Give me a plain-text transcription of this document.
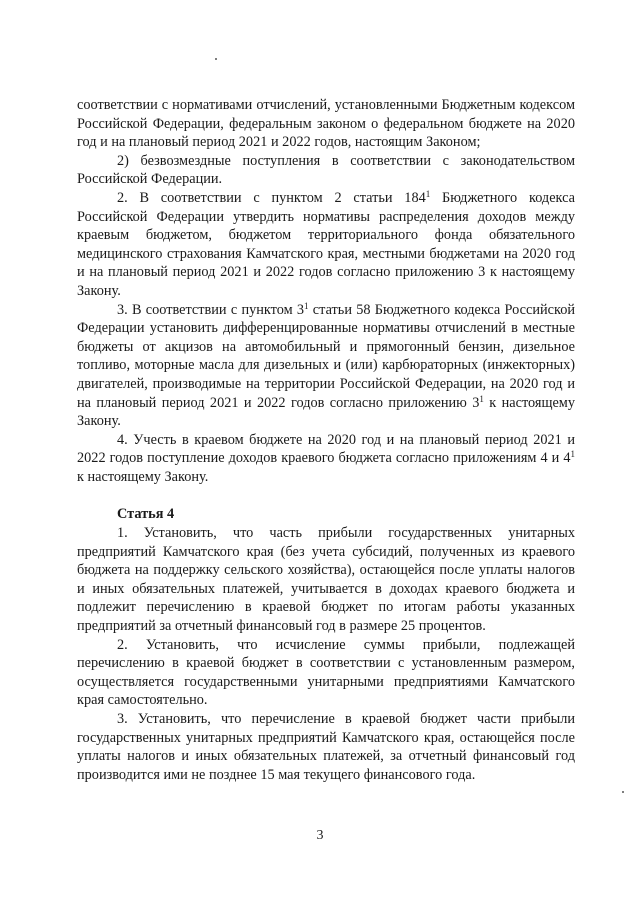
соответствии с нормативами отчислений, установленными Бюджетным кодексом Российской Федерации, федеральным законом о федеральном бюджете на 2020 год и на плановый период 2021 и 2022 годов, настоящим Законом;

2) безвозмездные поступления в соответствии с законодательством Российской Федерации.

2. В соответствии с пунктом 2 статьи $184^1$ Бюджетного кодекса Российской Федерации утвердить нормативы распределения доходов между краевым бюджетом, бюджетом территориального фонда обязательного медицинского страхования Камчатского края, местными бюджетами на 2020 год и на плановый период 2021 и 2022 годов согласно приложению 3 к настоящему Закону.

3. В соответствии с пунктом $3^1$ статьи 58 Бюджетного кодекса Российской Федерации установить дифференцированные нормативы отчислений в местные бюджеты от акцизов на автомобильный и прямогонный бензин, дизельное топливо, моторные масла для дизельных и (или) карбюраторных (инжекторных) двигателей, производимые на территории Российской Федерации, на 2020 год и на плановый период 2021 и 2022 годов согласно приложению $3^1$ к настоящему Закону.

4. Учесть в краевом бюджете на 2020 год и на плановый период 2021 и 2022 годов поступление доходов краевого бюджета согласно приложениям 4 и $4^1$ к настоящему Закону.

Статья 4

1. Установить, что часть прибыли государственных унитарных предприятий Камчатского края (без учета субсидий, полученных из краевого бюджета на поддержку сельского хозяйства), остающейся после уплаты налогов и иных обязательных платежей, учитывается в доходах краевого бюджета и подлежит перечислению в краевой бюджет по итогам работы указанных предприятий за отчетный финансовый год в размере 25 процентов.

2. Установить, что исчисление суммы прибыли, подлежащей перечислению в краевой бюджет в соответствии с установленным размером, осуществляется государственными унитарными предприятиями Камчатского края самостоятельно.

3. Установить, что перечисление в краевой бюджет части прибыли государственных унитарных предприятий Камчатского края, остающейся после уплаты налогов и иных обязательных платежей, за отчетный финансовый год производится ими не позднее 15 мая текущего финансового года.

3
